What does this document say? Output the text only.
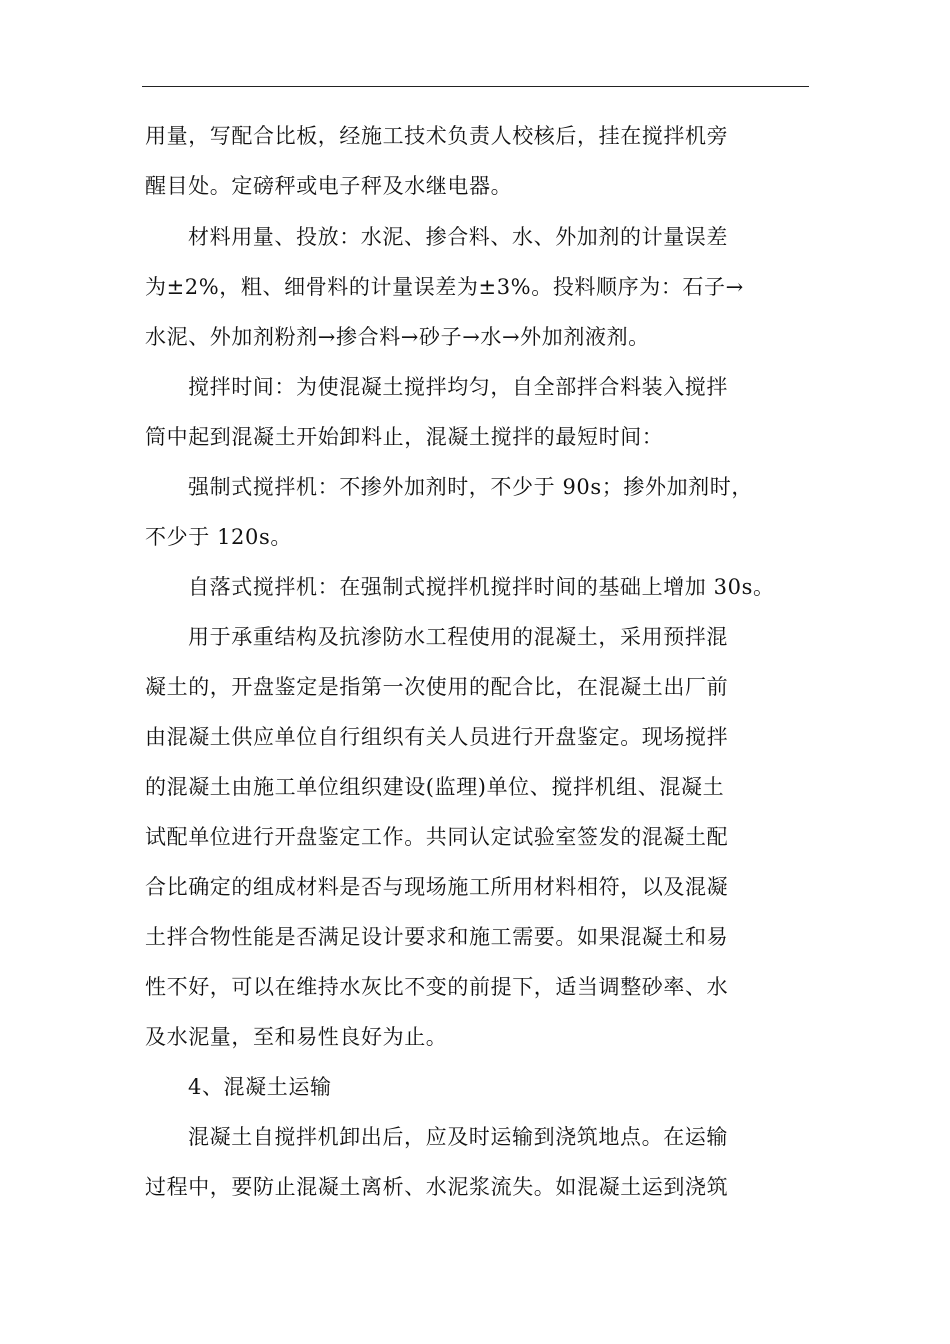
用量，写配合比板，经施工技术负责人校核后，挂在搅拌机旁
醒目处。定磅秤或电子秤及水继电器。
材料用量、投放：水泥、掺合料、水、外加剂的计量误差
为±2%，粗、细骨料的计量误差为±3%。投料顺序为：石子→
水泥、外加剂粉剂→掺合料→砂子→水→外加剂液剂。
搅拌时间：为使混凝土搅拌均匀，自全部拌合料装入搅拌
筒中起到混凝土开始卸料止，混凝土搅拌的最短时间：
强制式搅拌机：不掺外加剂时，不少于 90s；掺外加剂时，
不少于 120s。
自落式搅拌机：在强制式搅拌机搅拌时间的基础上增加 30s。
用于承重结构及抗渗防水工程使用的混凝土，采用预拌混
凝土的，开盘鉴定是指第一次使用的配合比，在混凝土出厂前
由混凝土供应单位自行组织有关人员进行开盘鉴定。现场搅拌
的混凝土由施工单位组织建设(监理)单位、搅拌机组、混凝土
试配单位进行开盘鉴定工作。共同认定试验室签发的混凝土配
合比确定的组成材料是否与现场施工所用材料相符，以及混凝
土拌合物性能是否满足设计要求和施工需要。如果混凝土和易
性不好，可以在维持水灰比不变的前提下，适当调整砂率、水
及水泥量，至和易性良好为止。
4、混凝土运输
混凝土自搅拌机卸出后，应及时运输到浇筑地点。在运输
过程中，要防止混凝土离析、水泥浆流失。如混凝土运到浇筑
